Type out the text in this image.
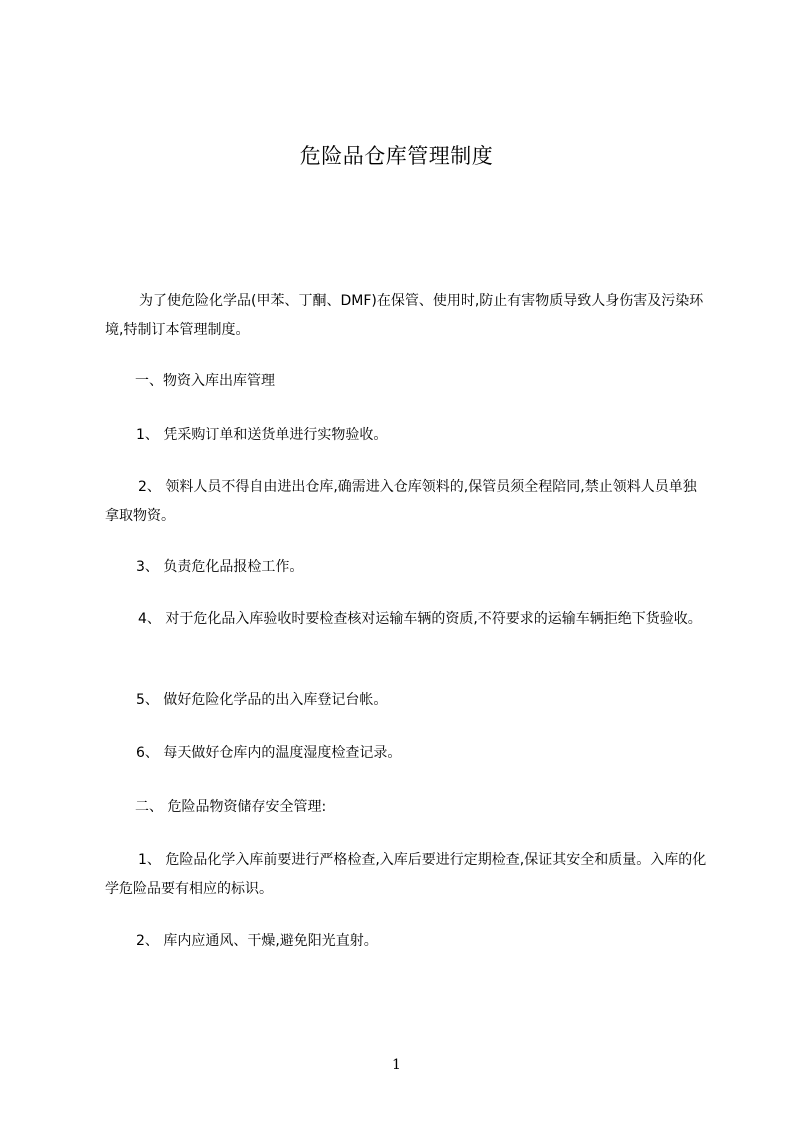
危险品仓库管理制度
为了使危险化学品(甲苯、丁酮、DMF)在保管、使用时,防止有害物质导致人身伤害及污染环境,特制订本管理制度。
一、物资入库出库管理
1、 凭采购订单和送货单进行实物验收。
2、 领料人员不得自由进出仓库,确需进入仓库领料的,保管员须全程陪同,禁止领料人员单独拿取物资。
3、 负责危化品报检工作。
4、 对于危化品入库验收时要检查核对运输车辆的资质,不符要求的运输车辆拒绝下货验收。
5、 做好危险化学品的出入库登记台帐。
6、 每天做好仓库内的温度湿度检查记录。
二、 危险品物资储存安全管理:
1、 危险品化学入库前要进行严格检查,入库后要进行定期检查,保证其安全和质量。入库的化学危险品要有相应的标识。
2、 库内应通风、干燥,避免阳光直射。
1
